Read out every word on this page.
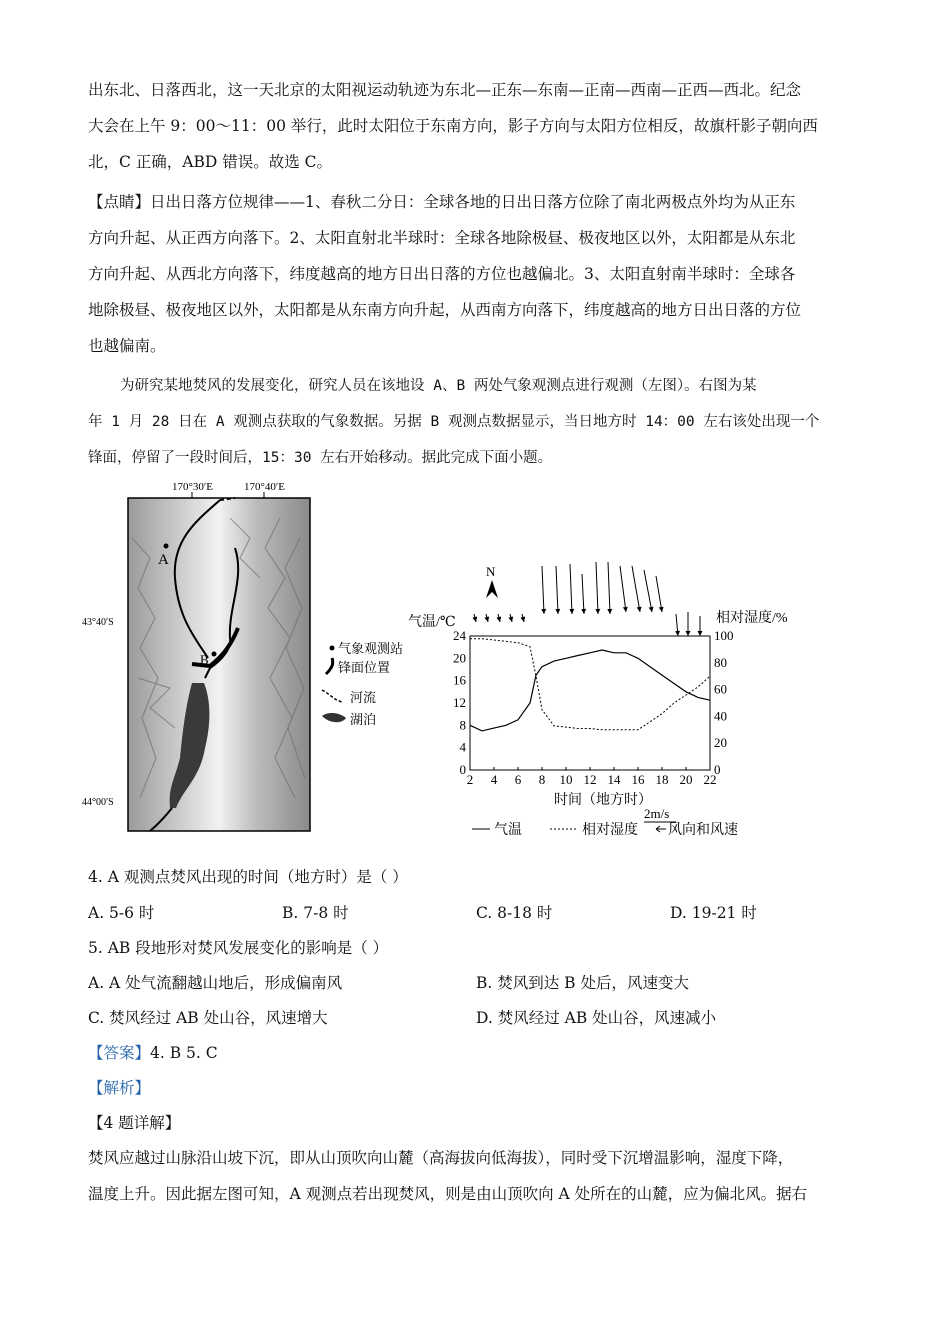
出东北、日落西北，这一天北京的太阳视运动轨迹为东北—正东—东南—正南—西南—正西—西北。纪念
大会在上午 9：00～11：00 举行，此时太阳位于东南方向，影子方向与太阳方位相反，故旗杆影子朝向西
北，C 正确，ABD 错误。故选 C。
【点睛】日出日落方位规律——1、春秋二分日：全球各地的日出日落方位除了南北两极点外均为从正东
方向升起、从正西方向落下。2、太阳直射北半球时：全球各地除极昼、极夜地区以外，太阳都是从东北
方向升起、从西北方向落下，纬度越高的地方日出日落的方位也越偏北。3、太阳直射南半球时：全球各
地除极昼、极夜地区以外，太阳都是从东南方向升起，从西南方向落下，纬度越高的地方日出日落的方位
也越偏南。
为研究某地焚风的发展变化，研究人员在该地设 A、B 两处气象观测点进行观测（左图）。右图为某
年 1 月 28 日在 A 观测点获取的气象数据。另据 B 观测点数据显示，当日地方时 14：00 左右该处出现一个
锋面，停留了一段时间后，15：30 左右开始移动。据此完成下面小题。
170°30′E	170°40′E
43°40′S
44°00′S
A
B
气象观测站
锋面位置
河流
湖泊
N
气温/℃	相对湿度/%
2 4 6 8 10 12 14 16 18 20 22
0
4
8
12
16
20
24
0
20
40
60
80
100
时间（地方时）
2m/s
气温	相对湿度 风向和风速
4. A 观测点焚风出现的时间（地方时）是（ ）
A. 5-6 时	B. 7-8 时	C. 8-18 时	D. 19-21 时
5. AB 段地形对焚风发展变化的影响是（ ）
A. A 处气流翻越山地后，形成偏南风	B. 焚风到达 B 处后，风速变大
C. 焚风经过 AB 处山谷，风速增大	D. 焚风经过 AB 处山谷，风速减小
【答案】4. B 5. C
【解析】
【4 题详解】
焚风应越过山脉沿山坡下沉，即从山顶吹向山麓（高海拔向低海拔），同时受下沉增温影响，湿度下降，
温度上升。因此据左图可知，A 观测点若出现焚风，则是由山顶吹向 A 处所在的山麓，应为偏北风。据右
